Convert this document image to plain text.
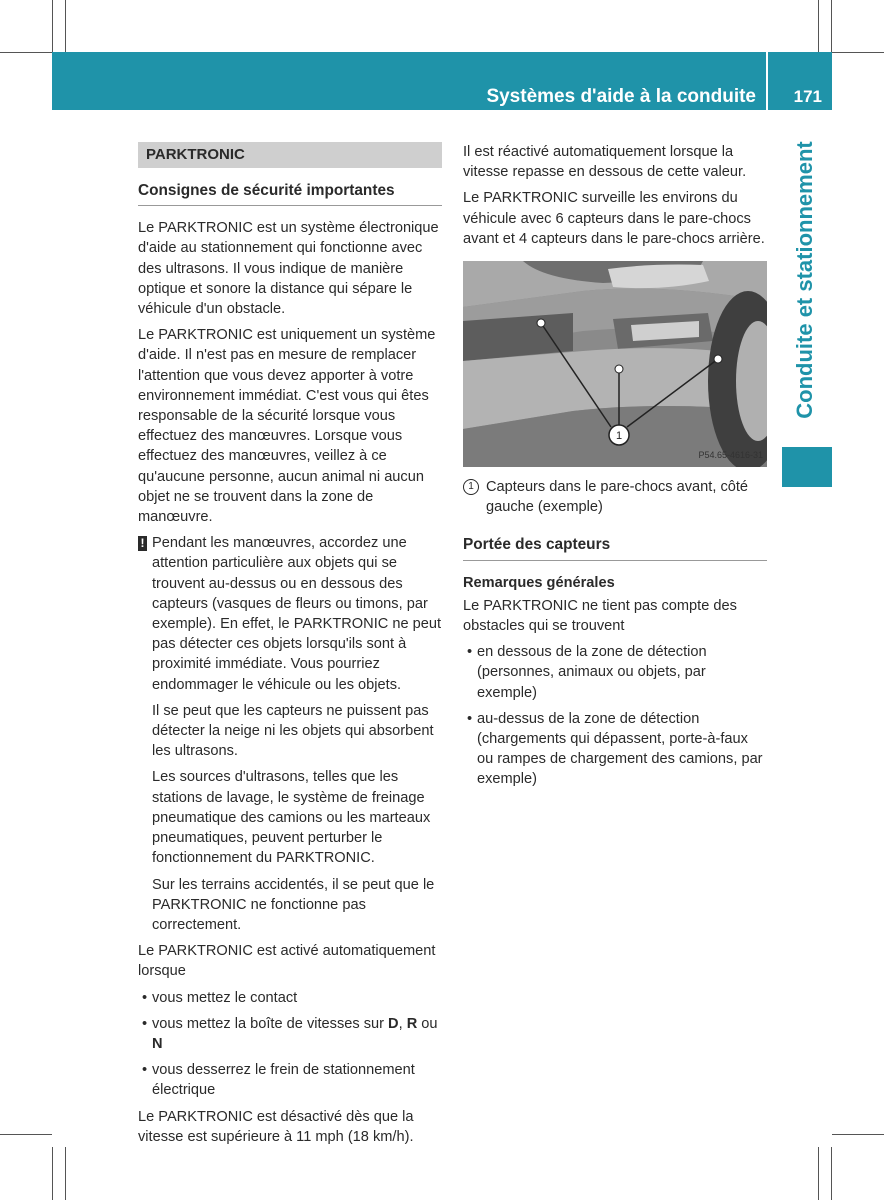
Systèmes d'aide à la conduite	171
Conduite et stationnement
PARKTRONIC
Consignes de sécurité importantes

Le PARKTRONIC est un système électronique d'aide au stationnement qui fonctionne avec des ultrasons. Il vous indique de manière optique et sonore la distance qui sépare le véhicule d'un obstacle.

Le PARKTRONIC est uniquement un système d'aide. Il n'est pas en mesure de remplacer l'attention que vous devez apporter à votre environnement immédiat. C'est vous qui êtes responsable de la sécurité lorsque vous effectuez des manœuvres. Lorsque vous effectuez des manœuvres, veillez à ce qu'aucune personne, aucun animal ni aucun objet ne se trouvent dans la zone de manœuvre.

! Pendant les manœuvres, accordez une attention particulière aux objets qui se trouvent au-dessus ou en dessous des capteurs (vasques de fleurs ou timons, par exemple). En effet, le PARKTRONIC ne peut pas détecter ces objets lorsqu'ils sont à proximité immédiate. Vous pourriez endommager le véhicule ou les objets.

Il se peut que les capteurs ne puissent pas détecter la neige ni les objets qui absorbent les ultrasons.

Les sources d'ultrasons, telles que les stations de lavage, le système de freinage pneumatique des camions ou les marteaux pneumatiques, peuvent perturber le fonctionnement du PARKTRONIC.

Sur les terrains accidentés, il se peut que le PARKTRONIC ne fonctionne pas correctement.

Le PARKTRONIC est activé automatiquement lorsque

• vous mettez le contact
• vous mettez la boîte de vitesses sur D, R ou N
• vous desserrez le frein de stationnement électrique

Le PARKTRONIC est désactivé dès que la vitesse est supérieure à 11 mph (18 km/h).

Il est réactivé automatiquement lorsque la vitesse repasse en dessous de cette valeur.

Le PARKTRONIC surveille les environs du véhicule avec 6 capteurs dans le pare-chocs avant et 4 capteurs dans le pare-chocs arrière.

1
P54.65-4616-31
1 Capteurs dans le pare-chocs avant, côté gauche (exemple)
Portée des capteurs
Remarques générales

Le PARKTRONIC ne tient pas compte des obstacles qui se trouvent

• en dessous de la zone de détection (personnes, animaux ou objets, par exemple)
• au-dessus de la zone de détection (chargements qui dépassent, porte-à-faux ou rampes de chargement des camions, par exemple)
